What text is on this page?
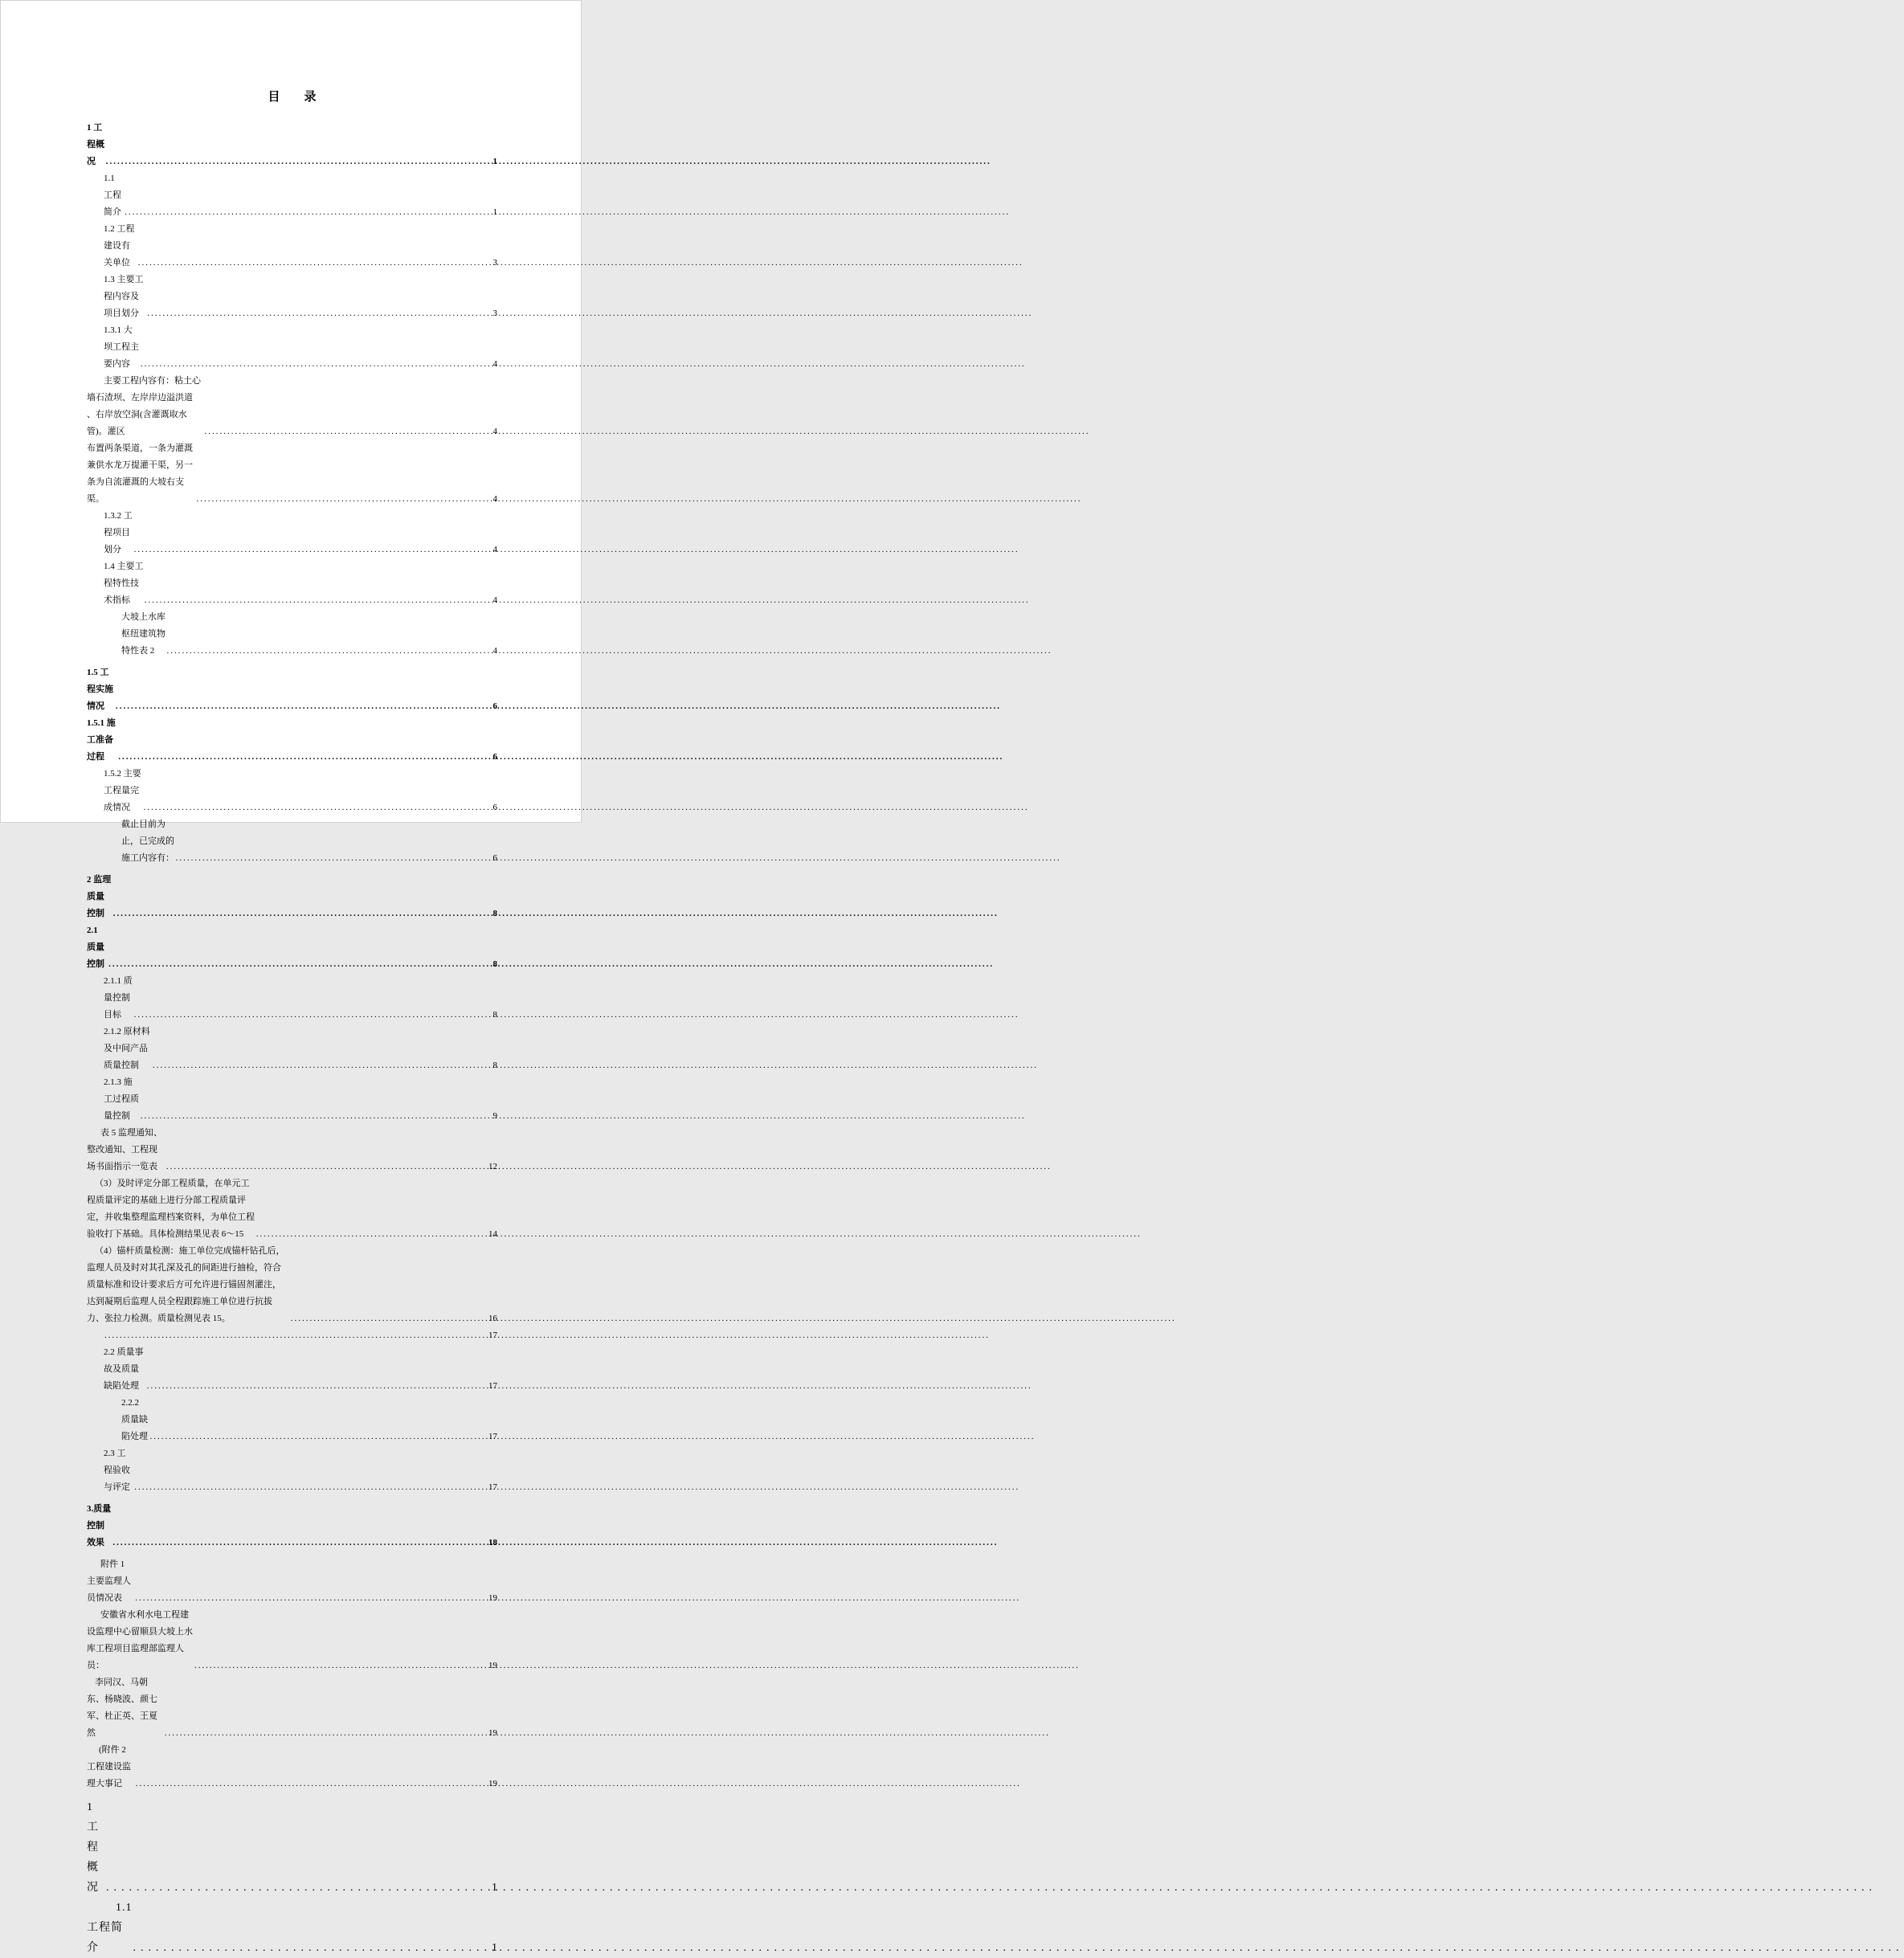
目　　录
1 工程概况 .....	1
1.1 工程简介 .....	1
1.2 工程建设有关单位 .....	3
1.3 主要工程内容及项目划分 .....	3
1.3.1 大坝工程主要内容 .....	4
主要工程内容有：粘土心墙石渣坝、左岸岸边溢洪道 、右岸放空洞(含灌溉取水管)。灌区 .....	4
布置两条渠道，一条为灌溉兼供水龙万提灌干渠，另一条为自流灌溉的大坡右支渠。 .....	4
1.3.2 工程项目划分 .....	4
1.4 主要工程特性技术指标 .....	4
大坡上水库枢纽建筑物特性表 2 .....	4
1.5 工程实施情况 .....	6
1.5.1 施工准备过程 .....	6
1.5.2 主要工程量完成情况 .....	6
截止目前为止，已完成的施工内容有： .....	6
2 监理质量控制 .....	8
2.1 质量控制 .....	8
2.1.1 质量控制目标 .....	8
2.1.2 原材料及中间产品质量控制 .....	8
2.1.3 施工过程质量控制 .....	9
表 5 监理通知、整改通知、工程现场书面指示一览表 .....	12
（3）及时评定分部工程质量，在单元工程质量评定的基础上进行分部工程质量评定，并收集整理监理档案资料，为单位工程验收打下基础。具体检测结果见表 6～15 .....	14
（4）锚杆质量检测：施工单位完成锚杆钻孔后，监理人员及时对其孔深及孔的间距进行抽检，符合质量标准和设计要求后方可允许进行锚固剂灌注，达到凝期后监理人员全程跟踪施工单位进行抗拔力、张拉力检测。质量检测见表 15。 .....	16
.....
17
2.2 质量事故及质量缺陷处理 .....	17
2.2.2 质量缺陷处理 .....	17
2.3 工程验收与评定 .....	17
3.质量控制效果 .....	18
附件 1 主要监理人员情况表 .....	19
安徽省水利水电工程建设监理中心留顺县大坡上水库工程项目监理部监理人员： .....	19
李同汉、马朝东、杨晓波、颜七军、杜正英、王夏然 .....	19
(附件 2 工程建设监理大事记 .....	19
1　 工程概况 .....	1
1.1 工程简介 .....	1
